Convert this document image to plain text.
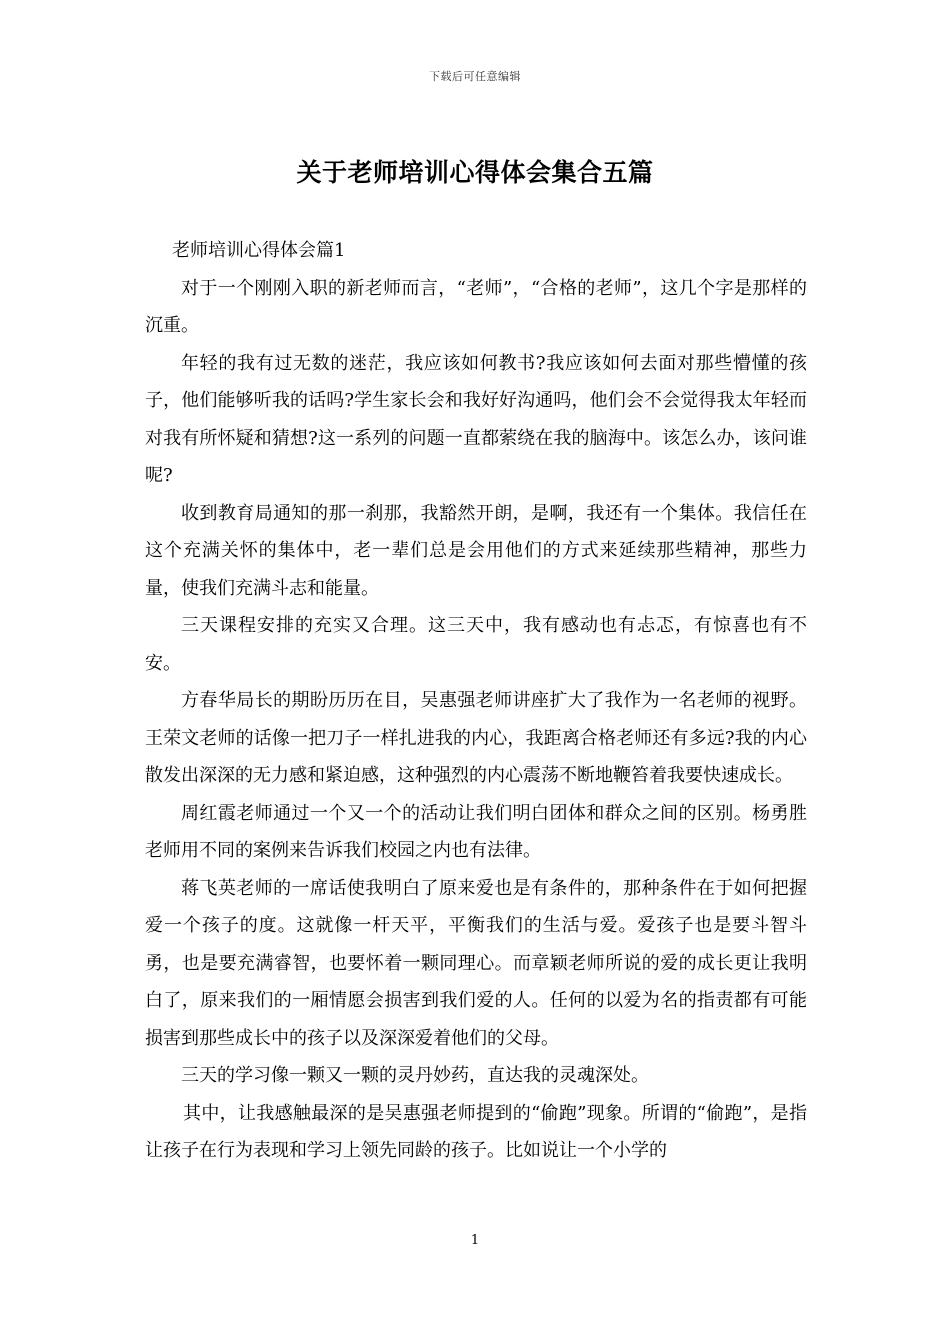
下载后可任意编辑
关于老师培训心得体会集合五篇

老师培训心得体会篇1

对于一个刚刚入职的新老师而言，“老师”，“合格的老师”，这几个字是那样的沉重。

年轻的我有过无数的迷茫，我应该如何教书?我应该如何去面对那些懵懂的孩子，他们能够听我的话吗?学生家长会和我好好沟通吗，他们会不会觉得我太年轻而对我有所怀疑和猜想?这一系列的问题一直都萦绕在我的脑海中。该怎么办，该问谁呢?

收到教育局通知的那一刹那，我豁然开朗，是啊，我还有一个集体。我信任在这个充满关怀的集体中，老一辈们总是会用他们的方式来延续那些精神，那些力量，使我们充满斗志和能量。

三天课程安排的充实又合理。这三天中，我有感动也有忐忑，有惊喜也有不安。

方春华局长的期盼历历在目，吴惠强老师讲座扩大了我作为一名老师的视野。王荣文老师的话像一把刀子一样扎进我的内心，我距离合格老师还有多远?我的内心散发出深深的无力感和紧迫感，这种强烈的内心震荡不断地鞭笞着我要快速成长。

周红霞老师通过一个又一个的活动让我们明白团体和群众之间的区别。杨勇胜老师用不同的案例来告诉我们校园之内也有法律。

蒋飞英老师的一席话使我明白了原来爱也是有条件的，那种条件在于如何把握爱一个孩子的度。这就像一杆天平，平衡我们的生活与爱。爱孩子也是要斗智斗勇，也是要充满睿智，也要怀着一颗同理心。而章颖老师所说的爱的成长更让我明白了，原来我们的一厢情愿会损害到我们爱的人。任何的以爱为名的指责都有可能损害到那些成长中的孩子以及深深爱着他们的父母。

三天的学习像一颗又一颗的灵丹妙药，直达我的灵魂深处。

其中，让我感触最深的是吴惠强老师提到的“偷跑”现象。所谓的“偷跑”，是指让孩子在行为表现和学习上领先同龄的孩子。比如说让一个小学的

1
